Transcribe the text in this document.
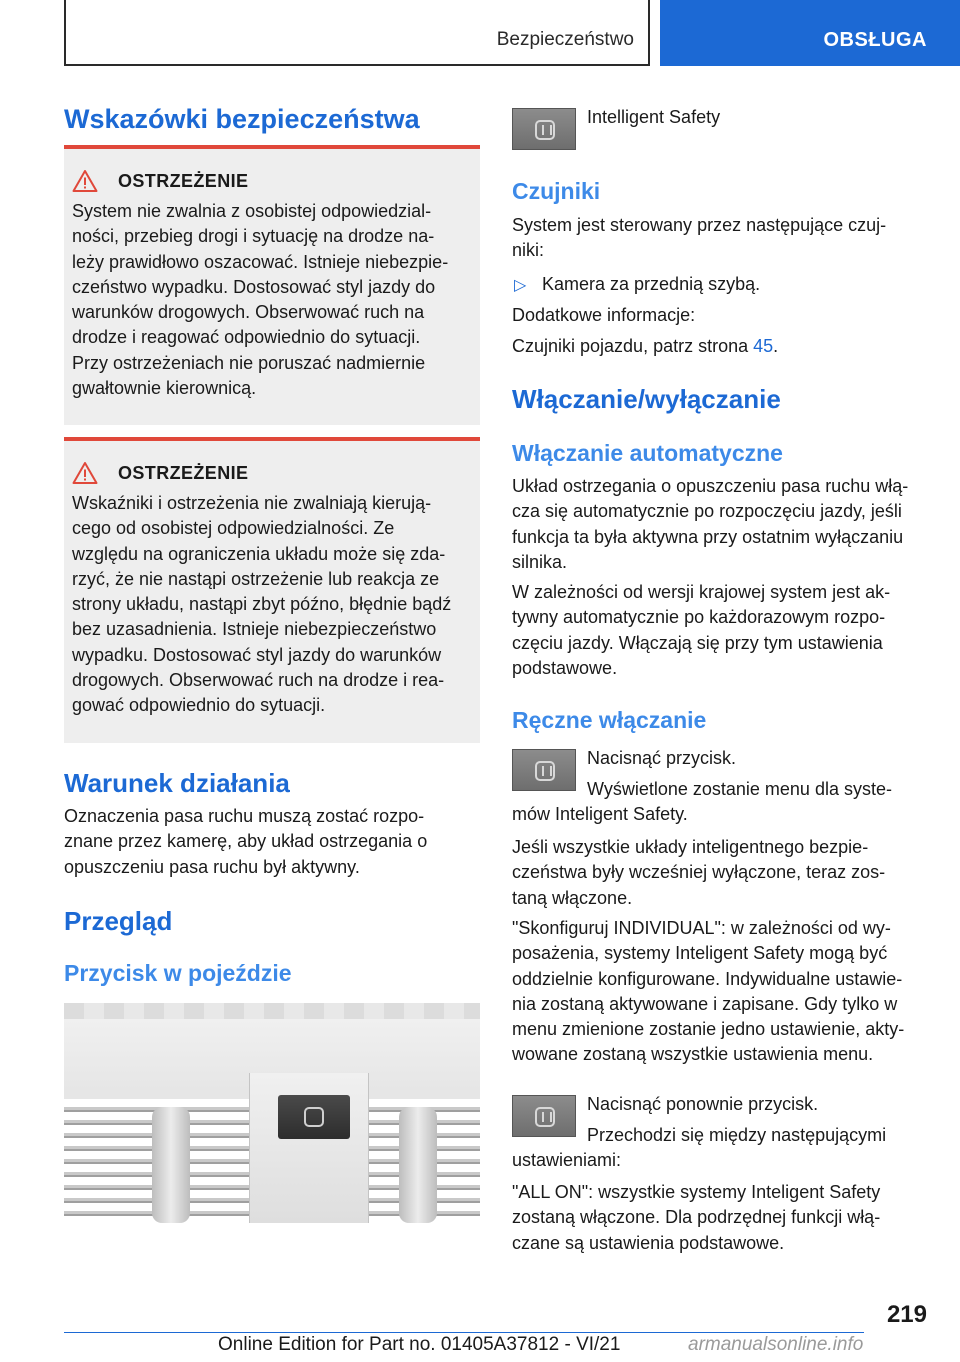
Bezpieczeństwo	OBSŁUGA
Wskazówki bezpieczeństwa
OSTRZEŻENIE
System nie zwalnia z osobistej odpowiedzial-
ności, przebieg drogi i sytuację na drodze na-
leży prawidłowo oszacować. Istnieje niebezpie-
czeństwo wypadku. Dostosować styl jazdy do
warunków drogowych. Obserwować ruch na
drodze i reagować odpowiednio do sytuacji.
Przy ostrzeżeniach nie poruszać nadmiernie
gwałtownie kierownicą.
OSTRZEŻENIE
Wskaźniki i ostrzeżenia nie zwalniają kierują-
cego od osobistej odpowiedzialności. Ze
względu na ograniczenia układu może się zda-
rzyć, że nie nastąpi ostrzeżenie lub reakcja ze
strony układu, nastąpi zbyt późno, błędnie bądź
bez uzasadnienia. Istnieje niebezpieczeństwo
wypadku. Dostosować styl jazdy do warunków
drogowych. Obserwować ruch na drodze i rea-
gować odpowiednio do sytuacji.
Warunek działania
Oznaczenia pasa ruchu muszą zostać rozpo-
znane przez kamerę, aby układ ostrzegania o
opuszczeniu pasa ruchu był aktywny.
Przegląd
Przycisk w pojeździe
Intelligent Safety
Czujniki
System jest sterowany przez następujące czuj-
niki:
▷ Kamera za przednią szybą.
Dodatkowe informacje:
Czujniki pojazdu, patrz strona 45.
Włączanie/wyłączanie
Włączanie automatyczne
Układ ostrzegania o opuszczeniu pasa ruchu włą-
cza się automatycznie po rozpoczęciu jazdy, jeśli
funkcja ta była aktywna przy ostatnim wyłączaniu
silnika.
W zależności od wersji krajowej system jest ak-
tywny automatycznie po każdorazowym rozpo-
częciu jazdy. Włączają się przy tym ustawienia
podstawowe.
Ręczne włączanie
Nacisnąć przycisk.
Wyświetlone zostanie menu dla syste-
mów Inteligent Safety.
Jeśli wszystkie układy inteligentnego bezpie-
czeństwa były wcześniej wyłączone, teraz zos-
taną włączone.
"Skonfiguruj INDIVIDUAL": w zależności od wy-
posażenia, systemy Inteligent Safety mogą być
oddzielnie konfigurowane. Indywidualne ustawie-
nia zostaną aktywowane i zapisane. Gdy tylko w
menu zmienione zostanie jedno ustawienie, akty-
wowane zostaną wszystkie ustawienia menu.
Nacisnąć ponownie przycisk.
Przechodzi się między następującymi
ustawieniami:
"ALL ON": wszystkie systemy Inteligent Safety
zostaną włączone. Dla podrzędnej funkcji włą-
czane są ustawienia podstawowe.
219
Online Edition for Part no. 01405A37812 - VI/21	armanualsonline.info
